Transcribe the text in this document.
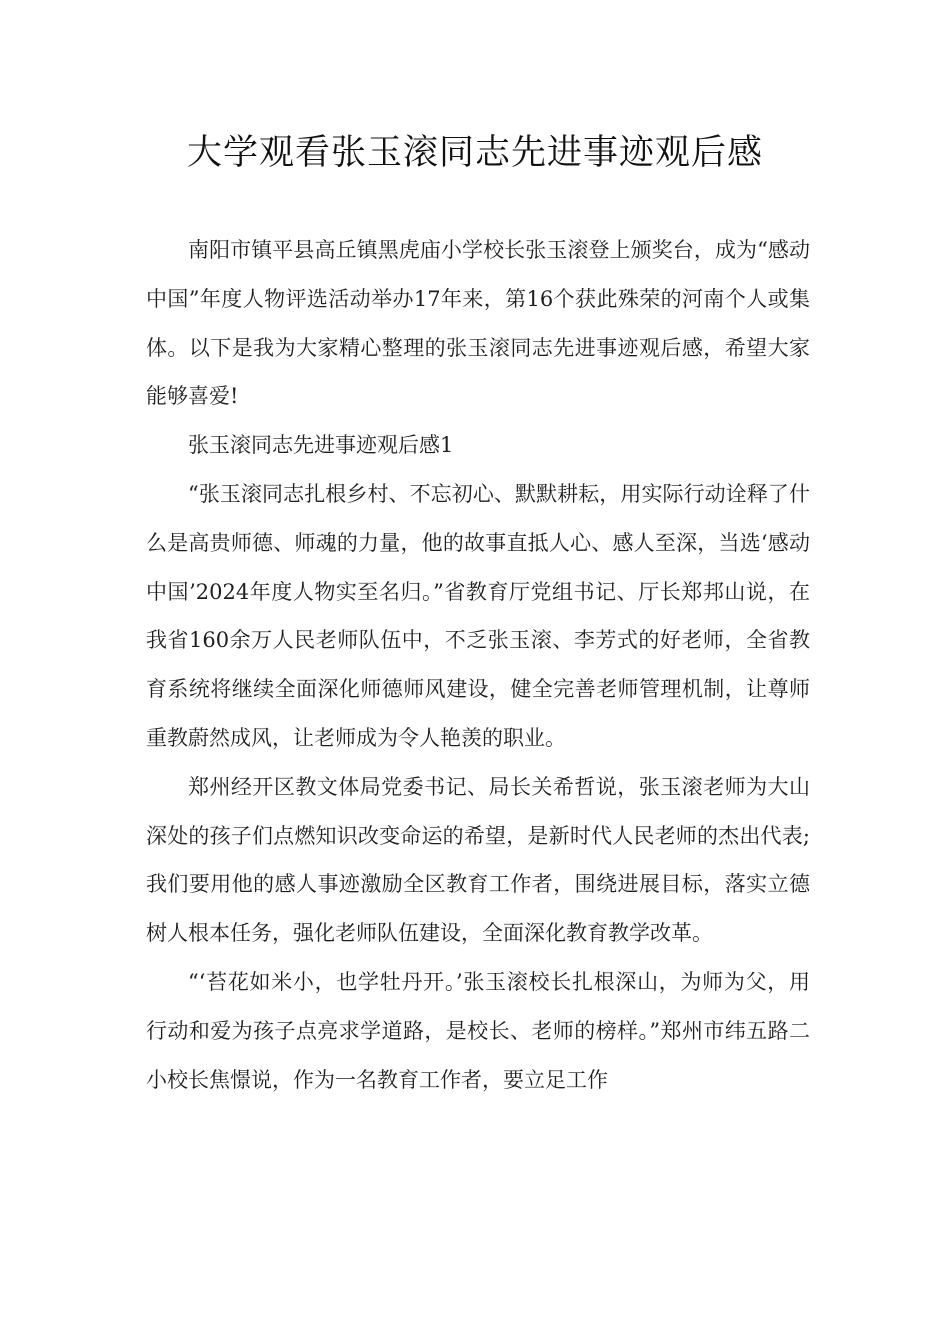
大学观看张玉滚同志先进事迹观后感

南阳市镇平县高丘镇黑虎庙小学校长张玉滚登上颁奖台，成为“感动中国”年度人物评选活动举办17年来，第16个获此殊荣的河南个人或集体。以下是我为大家精心整理的张玉滚同志先进事迹观后感，希望大家能够喜爱!

张玉滚同志先进事迹观后感1

“张玉滚同志扎根乡村、不忘初心、默默耕耘，用实际行动诠释了什么是高贵师德、师魂的力量，他的故事直抵人心、感人至深，当选‘感动中国’2024年度人物实至名归。”省教育厅党组书记、厅长郑邦山说，在我省160余万人民老师队伍中，不乏张玉滚、李芳式的好老师，全省教育系统将继续全面深化师德师风建设，健全完善老师管理机制，让尊师重教蔚然成风，让老师成为令人艳羡的职业。

郑州经开区教文体局党委书记、局长关希哲说，张玉滚老师为大山深处的孩子们点燃知识改变命运的希望，是新时代人民老师的杰出代表;我们要用他的感人事迹激励全区教育工作者，围绕进展目标，落实立德树人根本任务，强化老师队伍建设，全面深化教育教学改革。

“‘苔花如米小，也学牡丹开。’张玉滚校长扎根深山，为师为父，用行动和爱为孩子点亮求学道路，是校长、老师的榜样。”郑州市纬五路二小校长焦憬说，作为一名教育工作者，要立足工作
